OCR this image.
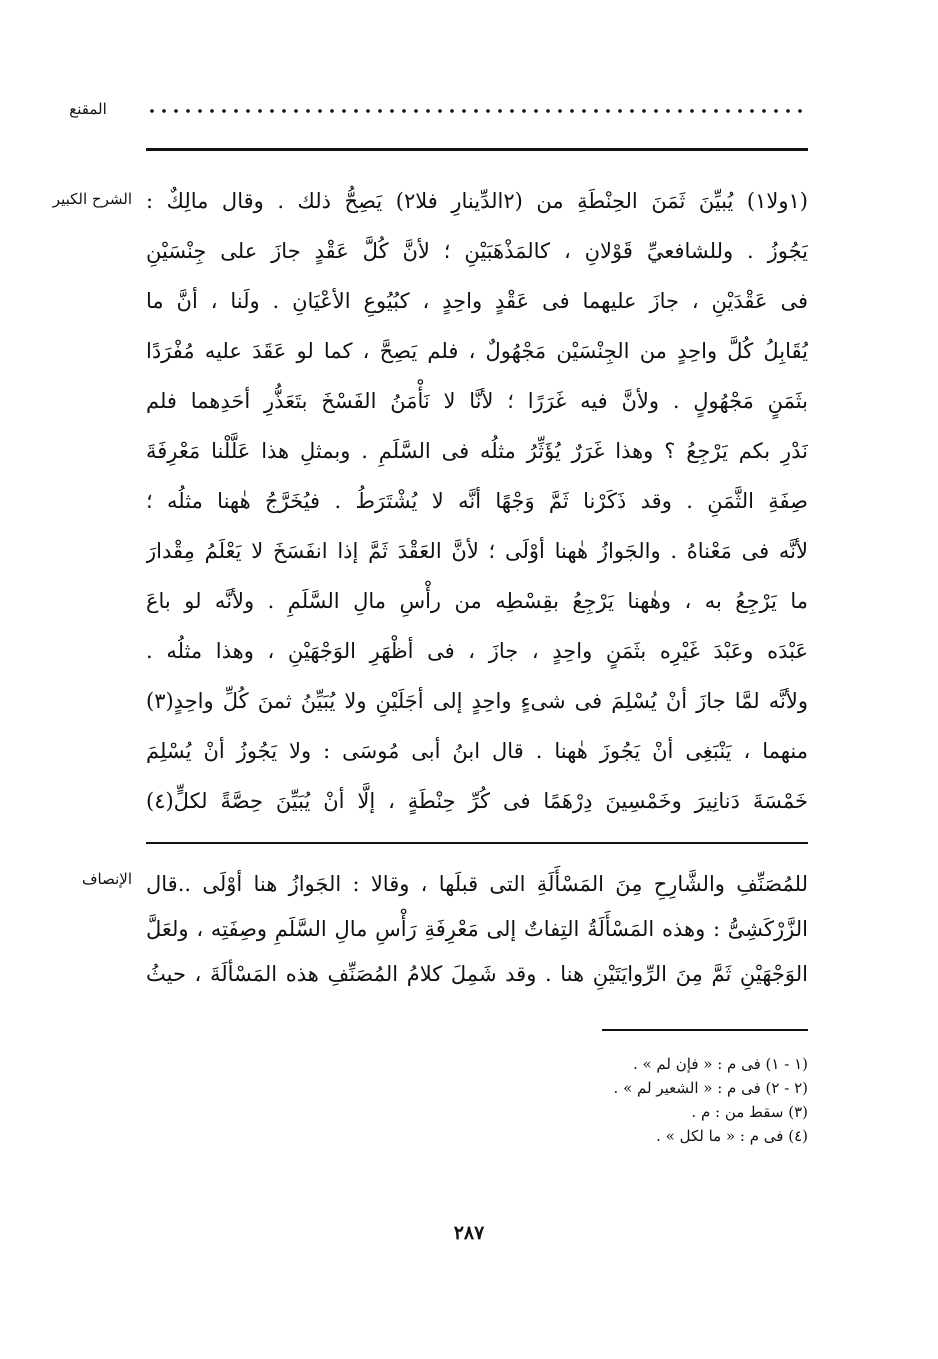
المقنع
الشرح الكبير (١ولا١) يُبيِّنَ ثَمَنَ الحِنْطَةِ من (٢الدِّينارِ فلا٢) يَصِحُّ ذلك . وقال مالِكٌ :
يَجُوزُ . وللشافعيِّ قَوْلانِ ، كالمَذْهَبَيْنِ ؛ لأنَّ كُلَّ عَقْدٍ جازَ على جِنْسَيْنِ
فى عَقْدَيْنِ ، جازَ عليهما فى عَقْدٍ واحِدٍ ، كبُيُوعِ الأعْيَانِ . ولَنا ، أنَّ ما
يُقَابِلُ كُلَّ واحِدٍ من الجِنْسَيْن مَجْهُولٌ ، فلم يَصِحَّ ، كما لو عَقَدَ عليه مُفْرَدًا
بثَمَنٍ مَجْهُولٍ . ولأنَّ فيه غَرَرًا ؛ لأنَّا لا نَأْمَنُ الفَسْخَ بتَعَذُّرِ أحَدِهما فلم
نَدْرِ بكم يَرْجِعُ ؟ وهذا غَرَرٌ يُؤَثِّرُ مثلُه فى السَّلَمِ . وبمثلِ هذا عَلَّلْنا مَعْرِفَةَ
صِفَةِ الثَّمَنِ . وقد ذَكَرْنا ثَمَّ وَجْهًا أنَّه لا يُشْتَرَطُ . فيُخَرَّجُ هٰهنا مثلُه ؛
لأنَّه فى مَعْناهُ . والجَوازُ هٰهنا أوْلَى ؛ لأنَّ العَقْدَ ثَمَّ إذا انفَسَخَ لا يَعْلَمُ مِقْدارَ
ما يَرْجِعُ به ، وهٰهنا يَرْجِعُ بقِسْطِه من رأْسِ مالِ السَّلَمِ . ولأنَّه لو باعَ
عَبْدَه وعَبْدَ غَيْرِه بثَمَنٍ واحِدٍ ، جازَ ، فى أظْهَرِ الوَجْهَيْنِ ، وهذا مثلُه .
ولأنَّه لمَّا جازَ أنْ يُسْلِمَ فى شىءٍ واحِدٍ إلى أجَلَيْنِ ولا يُبَيِّنُ ثمنَ كُلِّ واحِدٍ(٣)
منهما ، يَنْبَغِى أنْ يَجُوزَ هٰهنا . قال ابنُ أبى مُوسَى : ولا يَجُوزُ أنْ يُسْلِمَ
خَمْسَةَ دَنانِيرَ وخَمْسِينَ دِرْهَمًا فى كُرِّ حِنْطَةٍ ، إلَّا أنْ يُبَيِّنَ حِصَّةً لكلٍّ(٤)
الإنصاف للمُصَنِّفِ والشَّارِحِ مِنَ المَسْأَلَةِ التى قبلَها ، وقالا : الجَوازُ هنا أوْلَى ..قال
الزَّرْكَشِىُّ : وهذه المَسْأَلَةُ التِفاتٌ إلى مَعْرِفَةِ رَأْسِ مالِ السَّلَمِ وصِفَتِه ، ولعَلَّ
الوَجْهَيْنِ ثَمَّ مِنَ الرِّوايَتَيْنِ هنا . وقد شَمِلَ كلامُ المُصَنِّفِ هذه المَسْألَةَ ، حيثُ
(١ - ١) فى م : « فإن لم » .
(٢ - ٢) فى م : « الشعير لم » .
(٣) سقط من : م .
(٤) فى م : « ما لكل » .
٢٨٧
